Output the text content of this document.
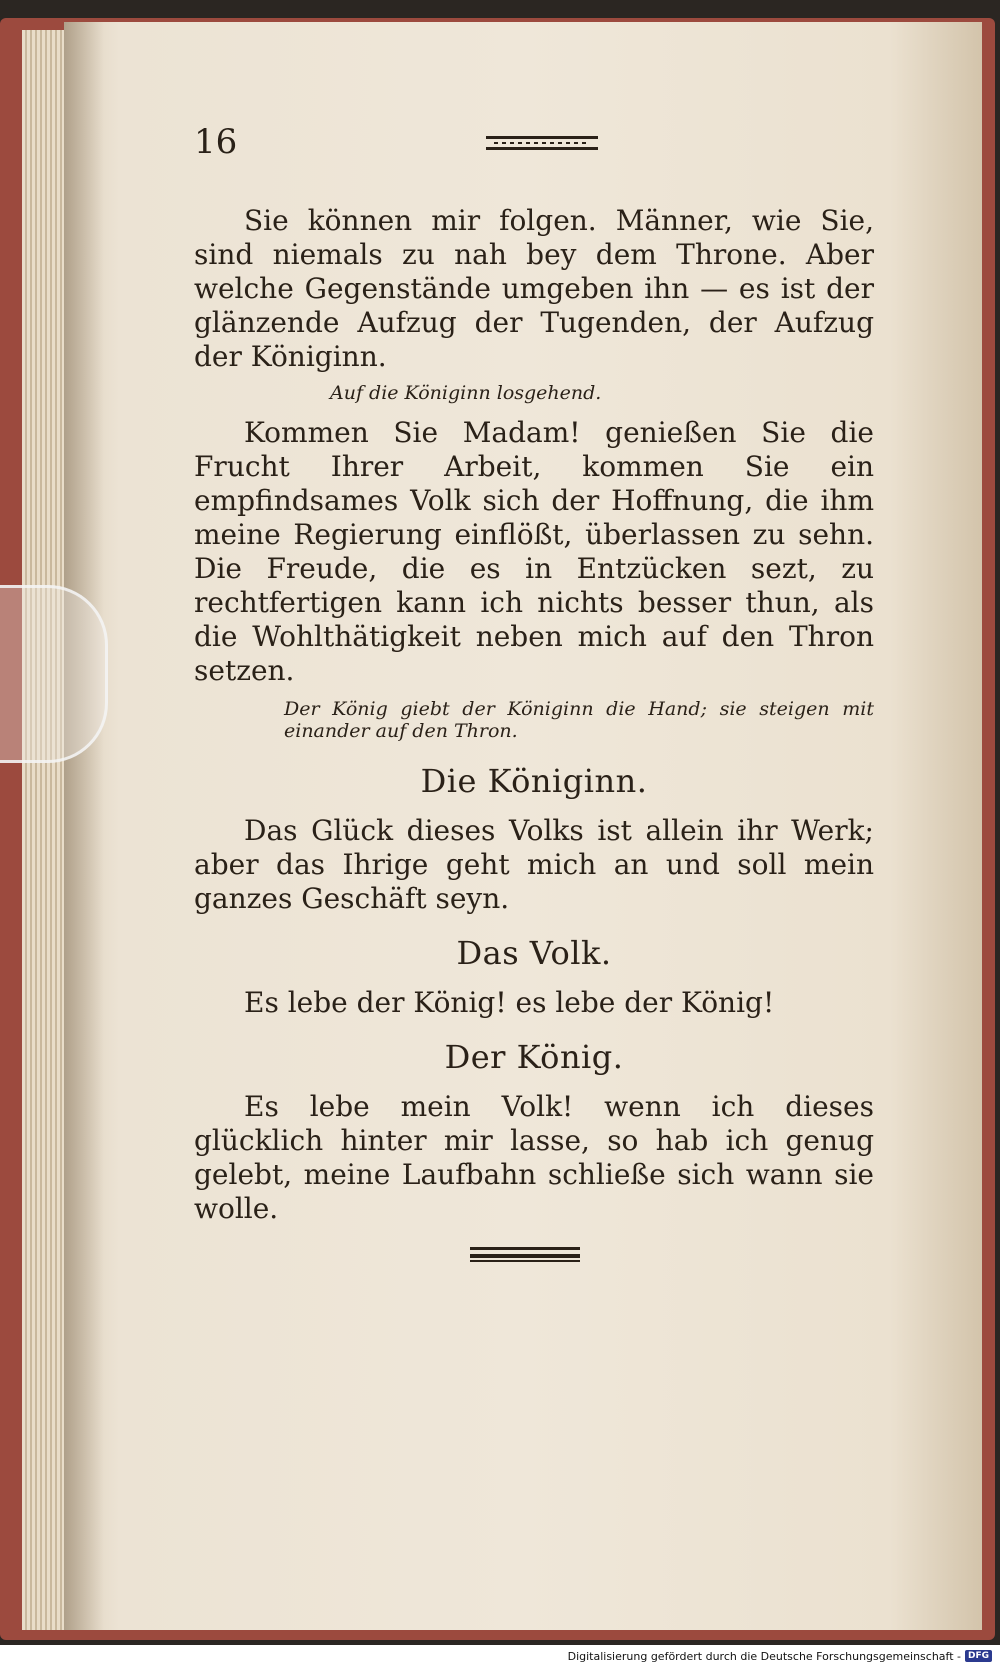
16

Sie können mir folgen. Männer, wie Sie, sind niemals zu nah bey dem Throne. Aber welche Gegenstände umgeben ihn — es ist der glänzende Aufzug der Tugenden, der Aufzug der Königinn.

Auf die Königinn losgehend.

Kommen Sie Madam! genießen Sie die Frucht Ihrer Arbeit, kommen Sie ein empfindsames Volk sich der Hoffnung, die ihm meine Regierung einflößt, überlassen zu sehn. Die Freude, die es in Entzücken sezt, zu rechtfertigen kann ich nichts besser thun, als die Wohlthätigkeit neben mich auf den Thron setzen.

Der König giebt der Königinn die Hand; sie steigen mit einander auf den Thron.
Die Königinn.

Das Glück dieses Volks ist allein ihr Werk; aber das Ihrige geht mich an und soll mein ganzes Geschäft seyn.

Das Volk.

Es lebe der König! es lebe der König!

Der König.

Es lebe mein Volk! wenn ich dieses glücklich hinter mir lasse, so hab ich genug gelebt, meine Laufbahn schließe sich wann sie wolle.

Digitalisierung gefördert durch die Deutsche Forschungsgemeinschaft - DFG
